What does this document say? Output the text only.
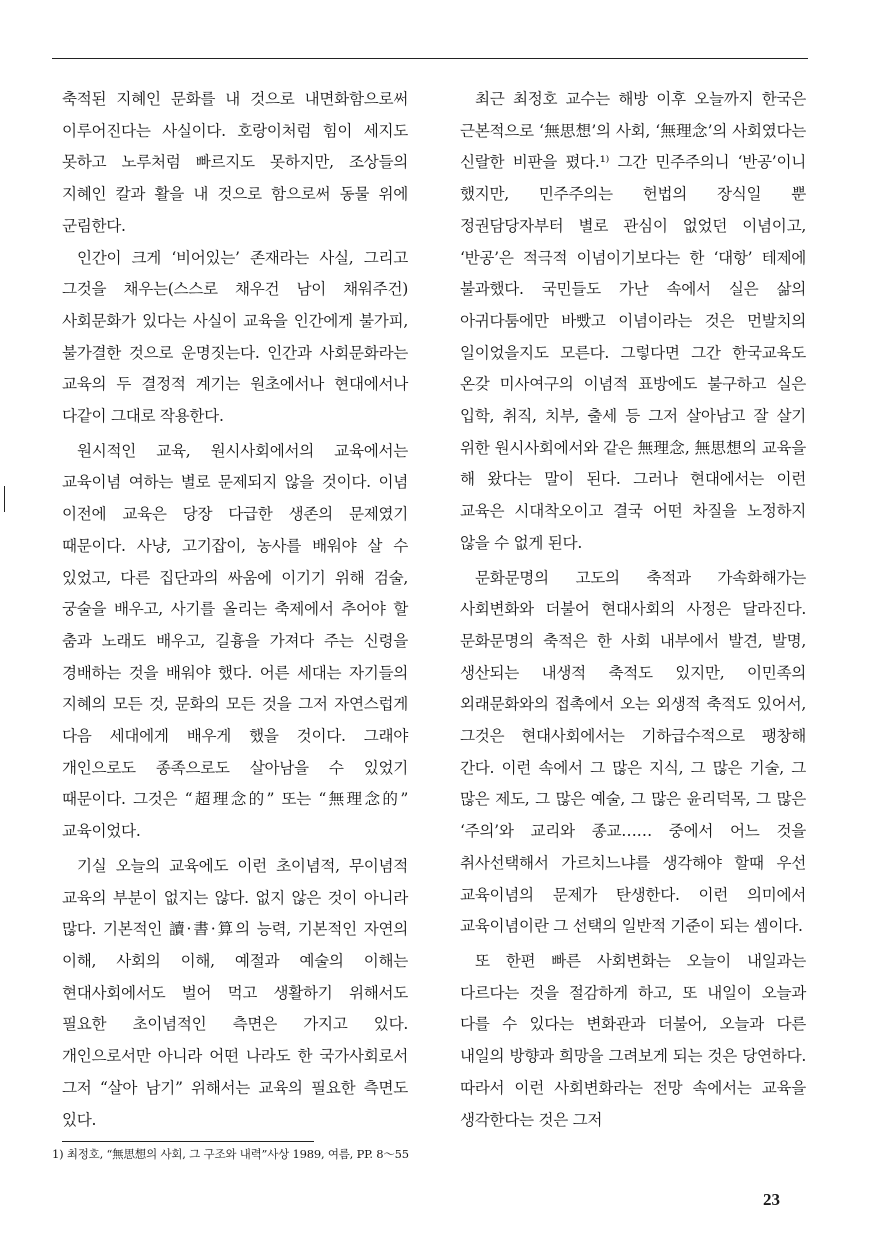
축적된 지혜인 문화를 내 것으로 내면화함으로써 이루어진다는 사실이다. 호랑이처럼 힘이 세지도 못하고 노루처럼 빠르지도 못하지만, 조상들의 지혜인 칼과 활을 내 것으로 함으로써 동물 위에 군림한다.

인간이 크게 ‘비어있는’ 존재라는 사실, 그리고 그것을 채우는(스스로 채우건 남이 채워주건) 사회문화가 있다는 사실이 교육을 인간에게 불가피, 불가결한 것으로 운명짓는다. 인간과 사회문화라는 교육의 두 결정적 계기는 원초에서나 현대에서나 다같이 그대로 작용한다.

원시적인 교육, 원시사회에서의 교육에서는 교육이념 여하는 별로 문제되지 않을 것이다. 이념 이전에 교육은 당장 다급한 생존의 문제였기 때문이다. 사냥, 고기잡이, 농사를 배워야 살 수 있었고, 다른 집단과의 싸움에 이기기 위해 검술, 궁술을 배우고, 사기를 올리는 축제에서 추어야 할 춤과 노래도 배우고, 길흉을 가져다 주는 신령을 경배하는 것을 배워야 했다. 어른 세대는 자기들의 지혜의 모든 것, 문화의 모든 것을 그저 자연스럽게 다음 세대에게 배우게 했을 것이다. 그래야 개인으로도 종족으로도 살아남을 수 있었기 때문이다. 그것은 “超理念的” 또는 “無理念的” 교육이었다.

기실 오늘의 교육에도 이런 초이념적, 무이념적 교육의 부분이 없지는 않다. 없지 않은 것이 아니라 많다. 기본적인 讀·書·算의 능력, 기본적인 자연의 이해, 사회의 이해, 예절과 예술의 이해는 현대사회에서도 벌어 먹고 생활하기 위해서도 필요한 초이념적인 측면은 가지고 있다. 개인으로서만 아니라 어떤 나라도 한 국가사회로서 그저 “살아 남기” 위해서는 교육의 필요한 측면도 있다.

최근 최정호 교수는 해방 이후 오늘까지 한국은 근본적으로 ‘無思想’의 사회, ‘無理念’의 사회였다는 신랄한 비판을 폈다.¹⁾ 그간 민주주의니 ‘반공’이니 했지만, 민주주의는 헌법의 장식일 뿐 정권담당자부터 별로 관심이 없었던 이념이고, ‘반공’은 적극적 이념이기보다는 한 ‘대항’ 테제에 불과했다. 국민들도 가난 속에서 실은 삶의 아귀다툼에만 바빴고 이념이라는 것은 먼발치의 일이었을지도 모른다. 그렇다면 그간 한국교육도 온갖 미사여구의 이념적 표방에도 불구하고 실은 입학, 취직, 치부, 출세 등 그저 살아남고 잘 살기 위한 원시사회에서와 같은 無理念, 無思想의 교육을 해 왔다는 말이 된다. 그러나 현대에서는 이런 교육은 시대착오이고 결국 어떤 차질을 노정하지 않을 수 없게 된다.

문화문명의 고도의 축적과 가속화해가는 사회변화와 더불어 현대사회의 사정은 달라진다. 문화문명의 축적은 한 사회 내부에서 발견, 발명, 생산되는 내생적 축적도 있지만, 이민족의 외래문화와의 접촉에서 오는 외생적 축적도 있어서, 그것은 현대사회에서는 기하급수적으로 팽창해 간다. 이런 속에서 그 많은 지식, 그 많은 기술, 그 많은 제도, 그 많은 예술, 그 많은 윤리덕목, 그 많은 ‘주의’와 교리와 종교…… 중에서 어느 것을 취사선택해서 가르치느냐를 생각해야 할때 우선 교육이념의 문제가 탄생한다. 이런 의미에서 교육이념이란 그 선택의 일반적 기준이 되는 셈이다.

또 한편 빠른 사회변화는 오늘이 내일과는 다르다는 것을 절감하게 하고, 또 내일이 오늘과 다를 수 있다는 변화관과 더불어, 오늘과 다른 내일의 방향과 희망을 그려보게 되는 것은 당연하다. 따라서 이런 사회변화라는 전망 속에서는 교육을 생각한다는 것은 그저

1) 최정호, “無思想의 사회, 그 구조와 내력”사상 1989, 여름, PP. 8～55
23
